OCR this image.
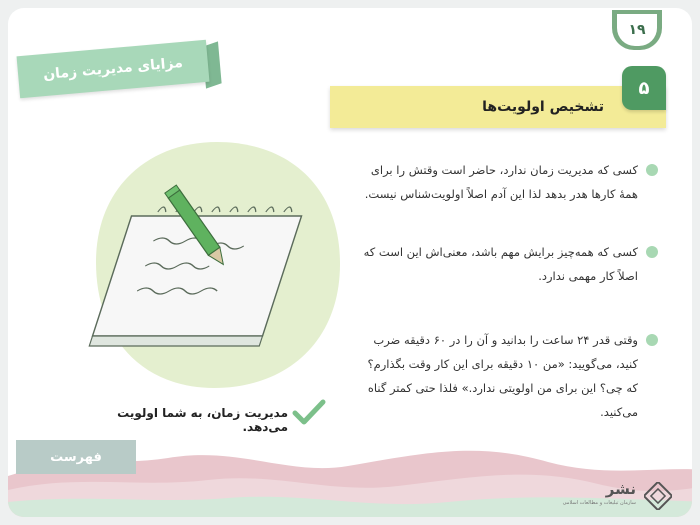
۱۹
مزایای مدیریت زمان
تشخیص اولویت‌ها
۵
کسی که مدیریت زمان ندارد، حاضر است وقتش را برای همهٔ کارها هدر بدهد لذا این آدم اصلاً اولویت‌شناس نیست.
کسی که همه‌چیز برایش مهم باشد، معنی‌اش این است که اصلاً کار مهمی ندارد.
وقتی قدر ۲۴ ساعت را بدانید و آن را در ۶۰ دقیقه ضرب کنید، می‌گویید: «من ۱۰ دقیقه برای این کار وقت بگذارم؟ که چی؟ این برای من اولویتی ندارد.» فلذا حتی کمتر گناه می‌کنید.
مدیریت زمان، به شما اولویت می‌دهد.
فهرست
نشر
سازمان تبلیغات و مطالعات اسلامی
